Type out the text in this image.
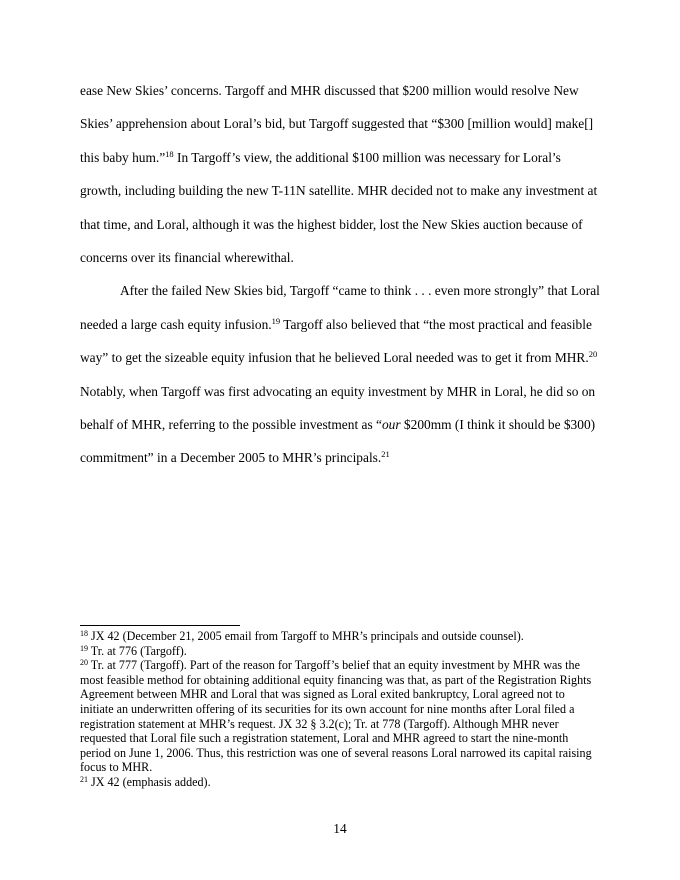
ease New Skies’ concerns. Targoff and MHR discussed that $200 million would resolve New Skies’ apprehension about Loral’s bid, but Targoff suggested that “$300 [million would] make[] this baby hum.”$^{18}$ In Targoff’s view, the additional $100 million was necessary for Loral’s growth, including building the new T-11N satellite. MHR decided not to make any investment at that time, and Loral, although it was the highest bidder, lost the New Skies auction because of concerns over its financial wherewithal.

After the failed New Skies bid, Targoff “came to think . . . even more strongly” that Loral needed a large cash equity infusion.$^{19}$ Targoff also believed that “the most practical and feasible way” to get the sizeable equity infusion that he believed Loral needed was to get it from MHR.$^{20}$ Notably, when Targoff was first advocating an equity investment by MHR in Loral, he did so on behalf of MHR, referring to the possible investment as “our $200mm (I think it should be $300) commitment” in a December 2005 to MHR’s principals.$^{21}$

$^{18}$ JX 42 (December 21, 2005 email from Targoff to MHR’s principals and outside counsel).

$^{19}$ Tr. at 776 (Targoff).

$^{20}$ Tr. at 777 (Targoff). Part of the reason for Targoff’s belief that an equity investment by MHR was the most feasible method for obtaining additional equity financing was that, as part of the Registration Rights Agreement between MHR and Loral that was signed as Loral exited bankruptcy, Loral agreed not to initiate an underwritten offering of its securities for its own account for nine months after Loral filed a registration statement at MHR’s request. JX 32 § 3.2(c); Tr. at 778 (Targoff). Although MHR never requested that Loral file such a registration statement, Loral and MHR agreed to start the nine-month period on June 1, 2006. Thus, this restriction was one of several reasons Loral narrowed its capital raising focus to MHR.

$^{21}$ JX 42 (emphasis added).

14
